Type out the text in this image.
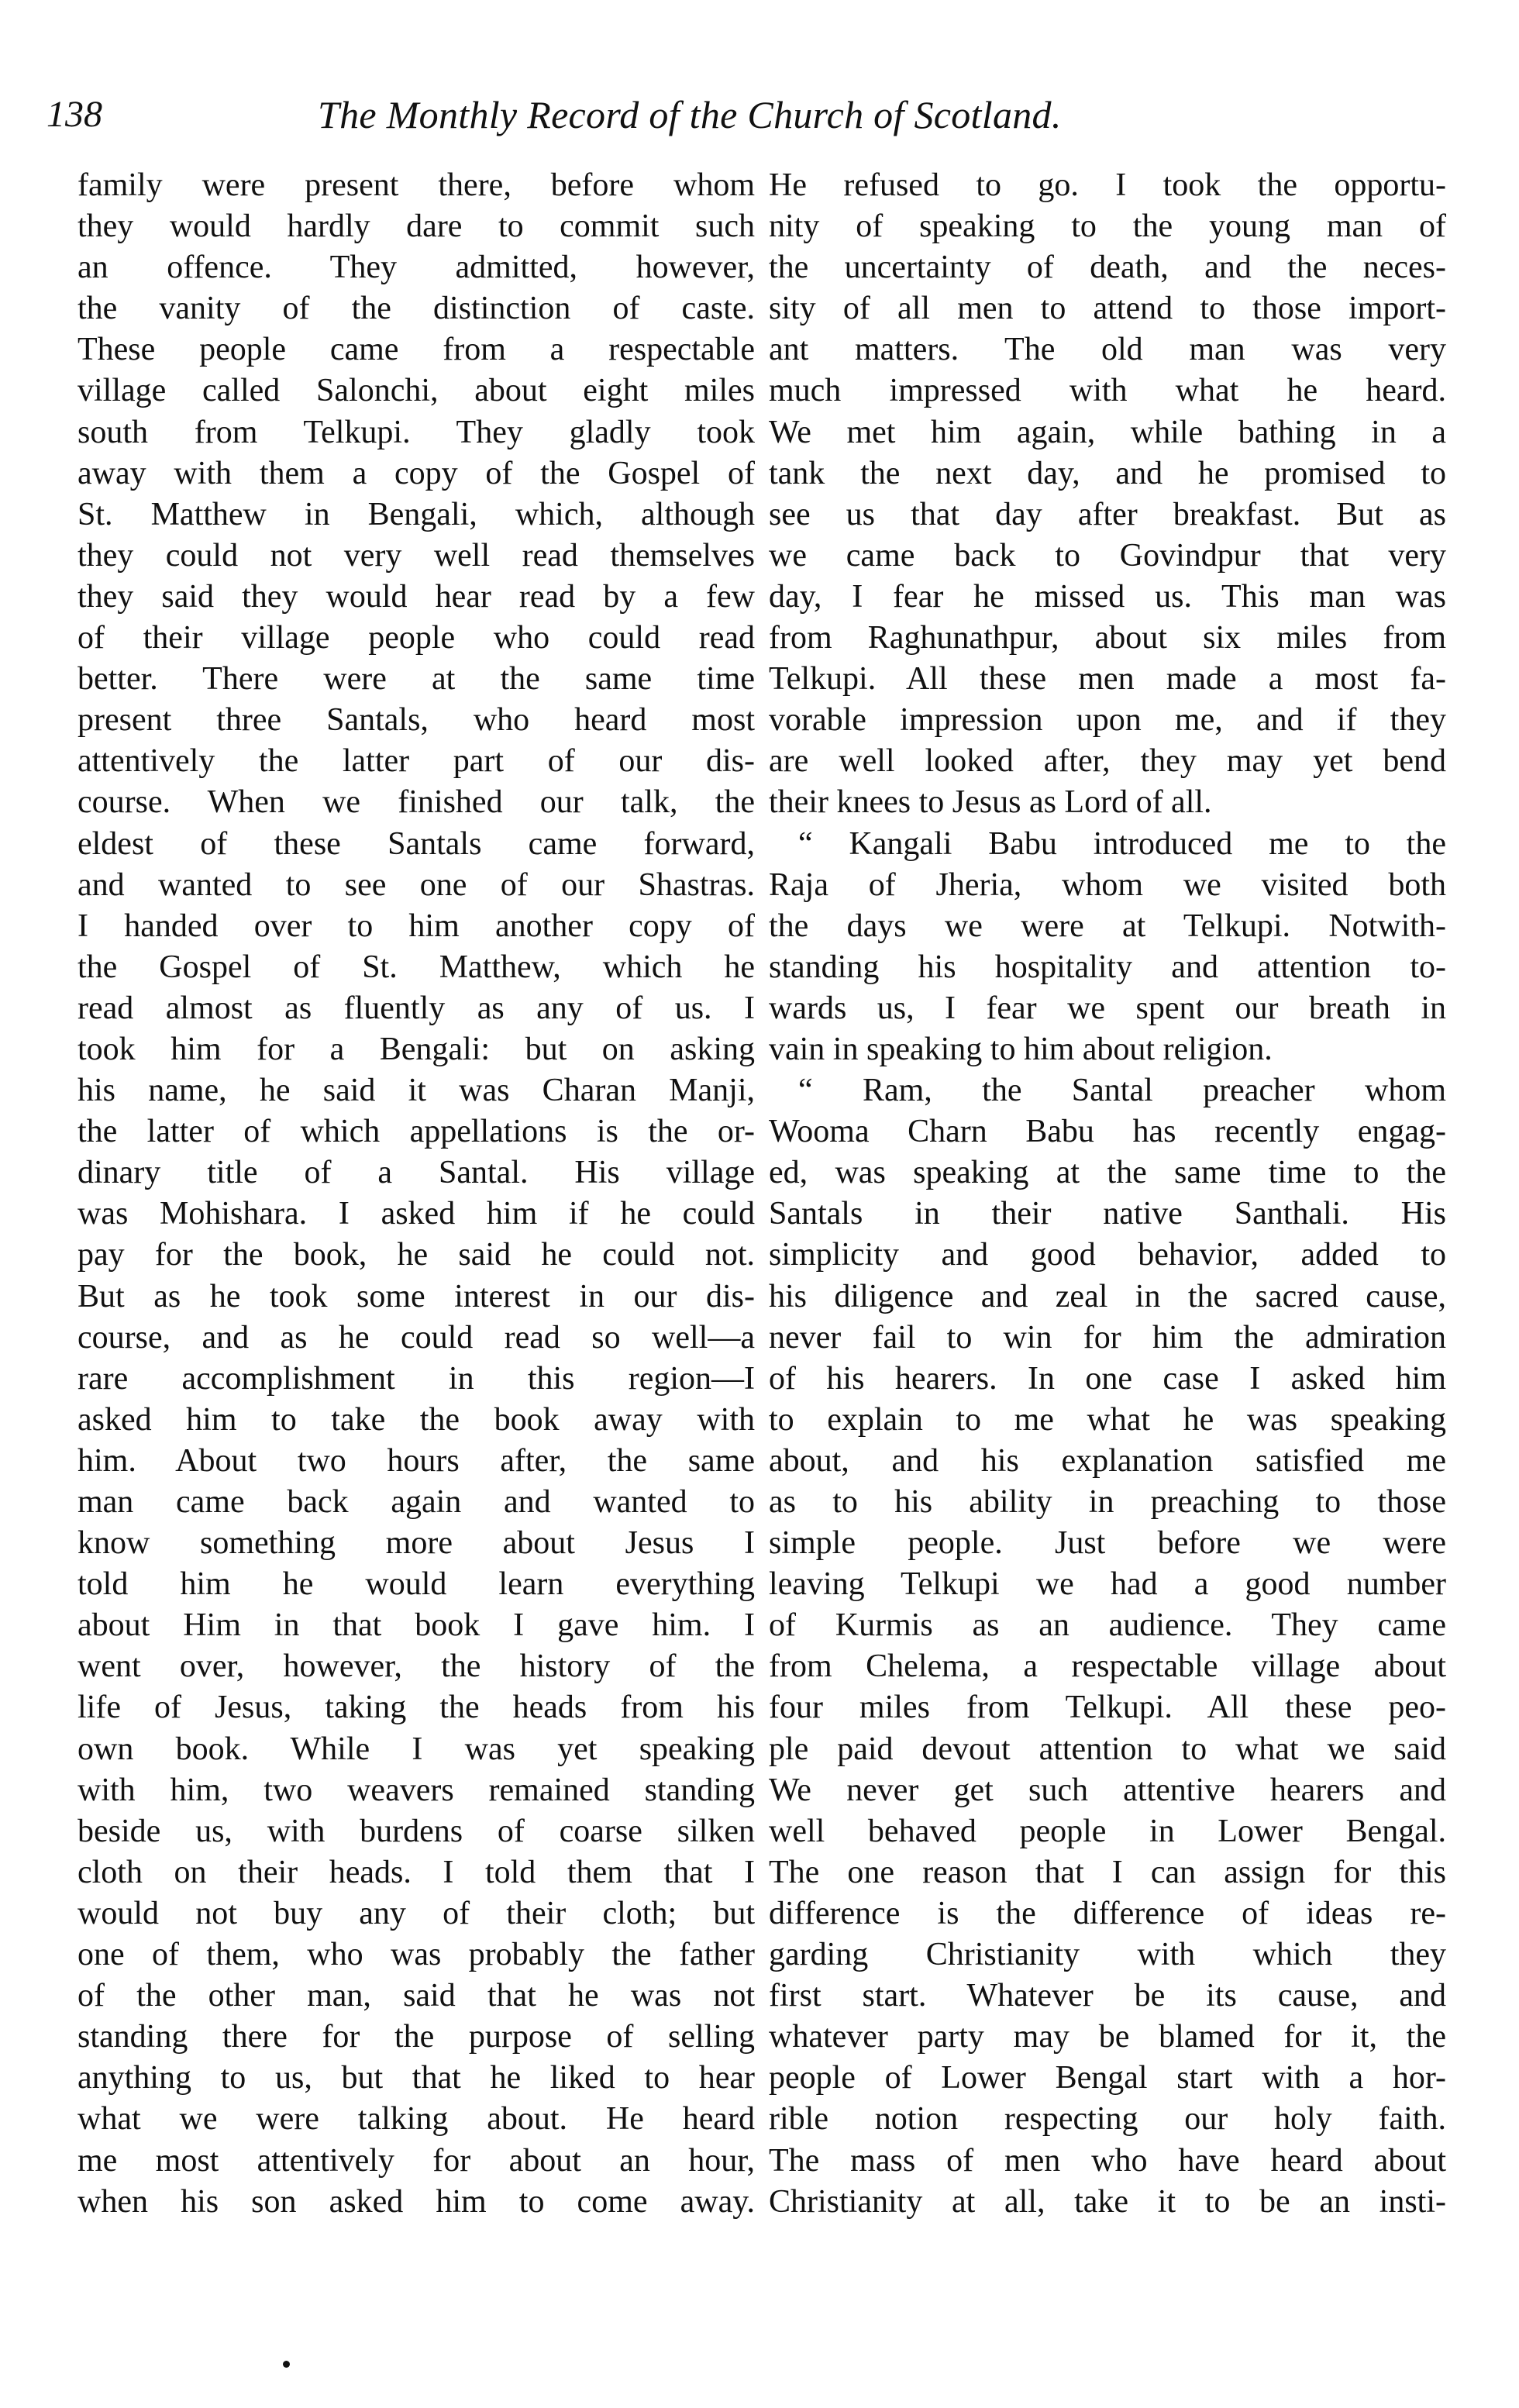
138	The Monthly Record of the Church of Scotland.
family were present there, before whom
they would hardly dare to commit such
an offence. They admitted, however,
the vanity of the distinction of caste.
These people came from a respectable
village called Salonchi, about eight miles
south from Telkupi. They gladly took
away with them a copy of the Gospel of
St. Matthew in Bengali, which, although
they could not very well read themselves
they said they would hear read by a few
of their village people who could read
better. There were at the same time
present three Santals, who heard most
attentively the latter part of our dis-
course. When we finished our talk, the
eldest of these Santals came forward,
and wanted to see one of our Shastras.
I handed over to him another copy of
the Gospel of St. Matthew, which he
read almost as fluently as any of us. I
took him for a Bengali: but on asking
his name, he said it was Charan Manji,
the latter of which appellations is the or-
dinary title of a Santal. His village
was Mohishara. I asked him if he could
pay for the book, he said he could not.
But as he took some interest in our dis-
course, and as he could read so well—a
rare accomplishment in this region—I
asked him to take the book away with
him. About two hours after, the same
man came back again and wanted to
know something more about Jesus I
told him he would learn everything
about Him in that book I gave him. I
went over, however, the history of the
life of Jesus, taking the heads from his
own book. While I was yet speaking
with him, two weavers remained standing
beside us, with burdens of coarse silken
cloth on their heads. I told them that I
would not buy any of their cloth; but
one of them, who was probably the father
of the other man, said that he was not
standing there for the purpose of selling
anything to us, but that he liked to hear
what we were talking about. He heard
me most attentively for about an hour,
when his son asked him to come away.
He refused to go. I took the opportu-
nity of speaking to the young man of
the uncertainty of death, and the neces-
sity of all men to attend to those import-
ant matters. The old man was very
much impressed with what he heard.
We met him again, while bathing in a
tank the next day, and he promised to
see us that day after breakfast. But as
we came back to Govindpur that very
day, I fear he missed us. This man was
from Raghunathpur, about six miles from
Telkupi. All these men made a most fa-
vorable impression upon me, and if they
are well looked after, they may yet bend
their knees to Jesus as Lord of all.
“ Kangali Babu introduced me to the
Raja of Jheria, whom we visited both
the days we were at Telkupi. Notwith-
standing his hospitality and attention to-
wards us, I fear we spent our breath in
vain in speaking to him about religion.
“ Ram, the Santal preacher whom
Wooma Charn Babu has recently engag-
ed, was speaking at the same time to the
Santals in their native Santhali. His
simplicity and good behavior, added to
his diligence and zeal in the sacred cause,
never fail to win for him the admiration
of his hearers. In one case I asked him
to explain to me what he was speaking
about, and his explanation satisfied me
as to his ability in preaching to those
simple people. Just before we were
leaving Telkupi we had a good number
of Kurmis as an audience. They came
from Chelema, a respectable village about
four miles from Telkupi. All these peo-
ple paid devout attention to what we said
We never get such attentive hearers and
well behaved people in Lower Bengal.
The one reason that I can assign for this
difference is the difference of ideas re-
garding Christianity with which they
first start. Whatever be its cause, and
whatever party may be blamed for it, the
people of Lower Bengal start with a hor-
rible notion respecting our holy faith.
The mass of men who have heard about
Christianity at all, take it to be an insti-
